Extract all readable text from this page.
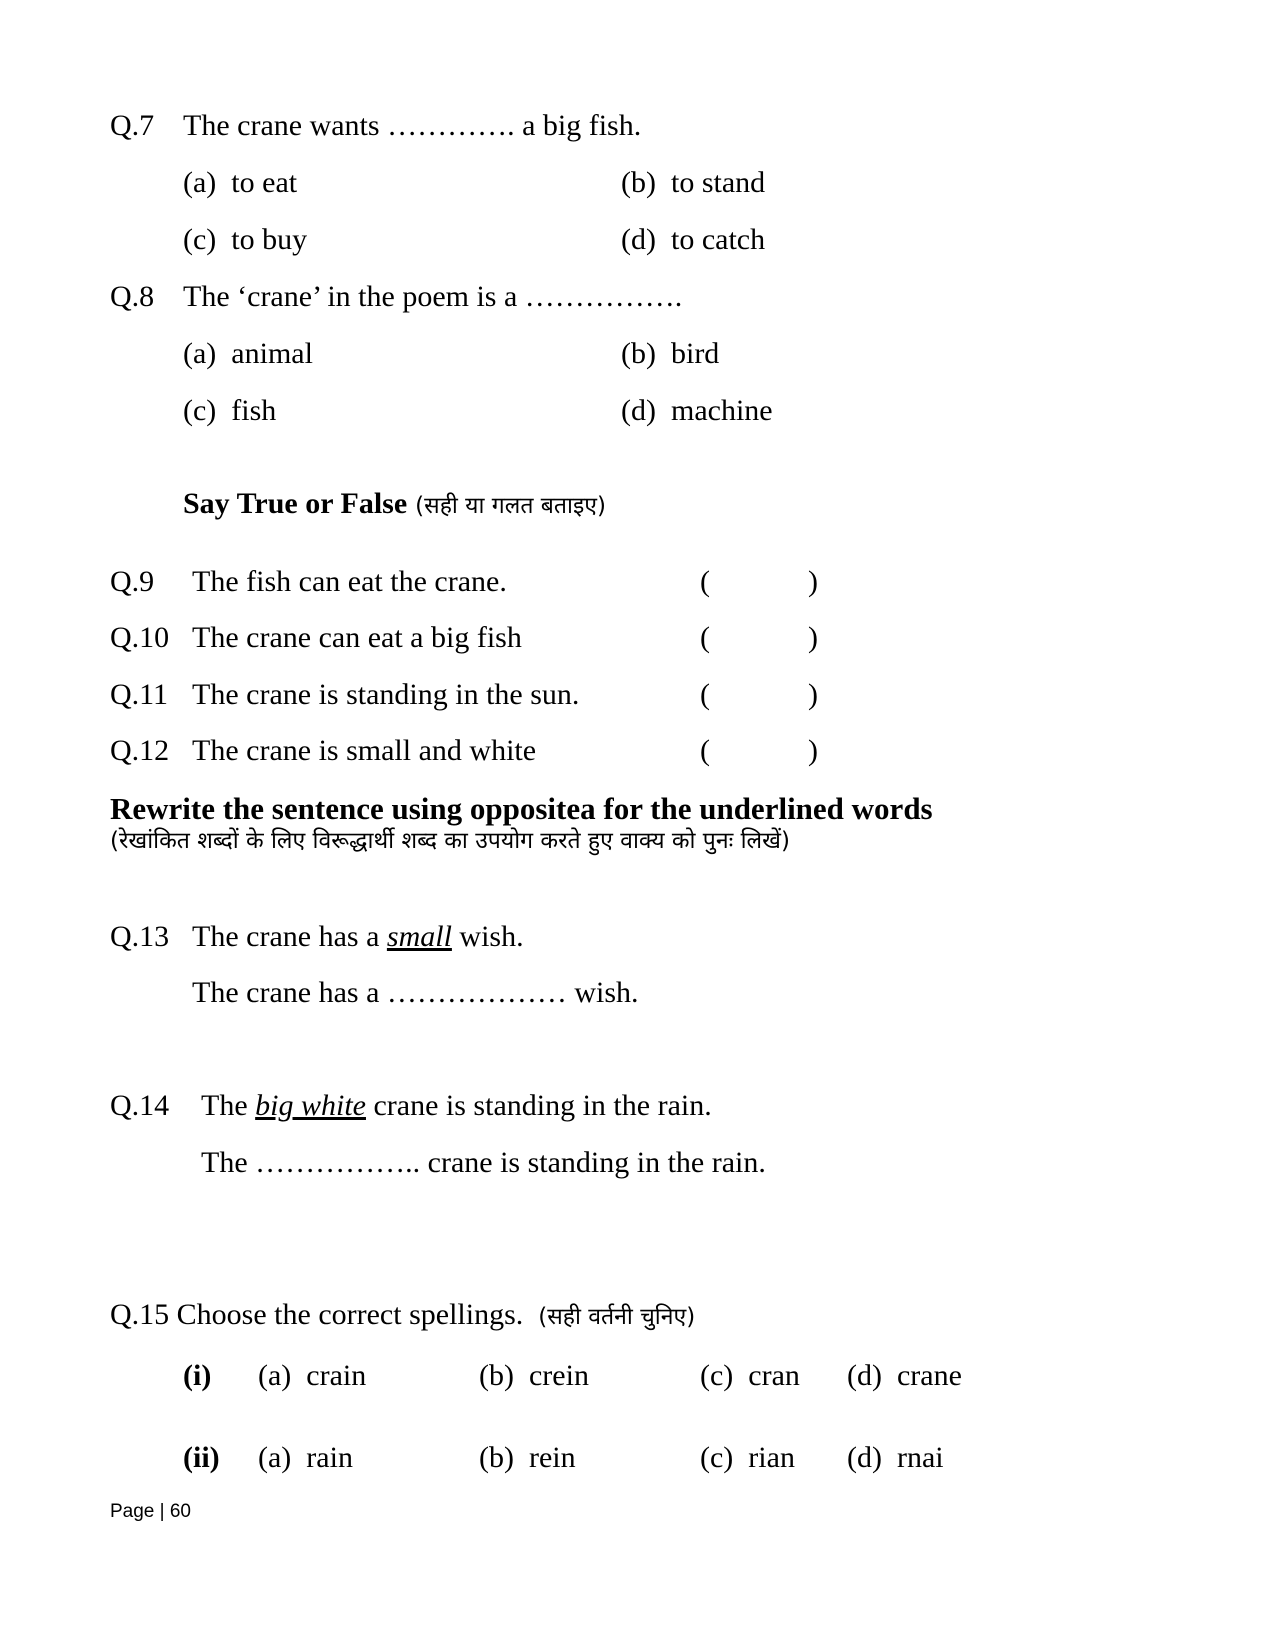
Q.7 The crane wants …………. a big fish.
(a) to eat	(b) to stand
(c) to buy	(d) to catch
Q.8 The ‘crane’ in the poem is a …………….
(a) animal	(b) bird
(c) fish	(d) machine
Say True or False (सही या गलत बताइए)
Q.9 The fish can eat the crane.	(	)
Q.10 The crane can eat a big fish	(	)
Q.11 The crane is standing in the sun.	(	)
Q.12 The crane is small and white	(	)
Rewrite the sentence using oppositea for the underlined words
(रेखांकित शब्दों के लिए विरूद्धार्थी शब्द का उपयोग करते हुए वाक्य को पुनः लिखें)
Q.13 The crane has a small wish.
The crane has a ……………… wish.
Q.14 The big white crane is standing in the rain.
The …………….. crane is standing in the rain.
Q.15 Choose the correct spellings. (सही वर्तनी चुनिए)
(i) (a) crain	(b) crein	(c) cran (d) crane
(ii) (a) rain	(b) rein	(c) rian (d) rnai
Page | 60
